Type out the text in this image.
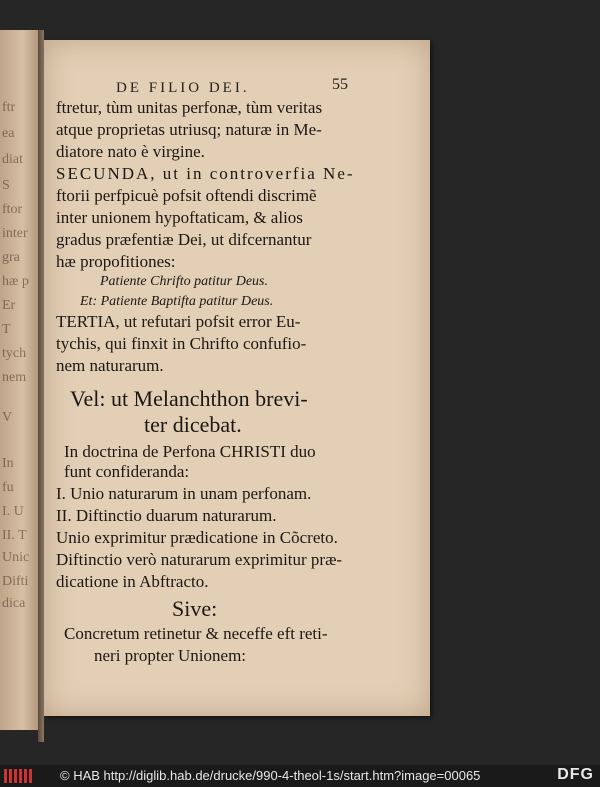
ftr
ea
diat
S
ftor
inter
gra
hæ p
Er
T
tych
nem
V
In
fu
I. U
II. T
Unic
Difti
dica
DE FILIO DEI.	55
ftretur, tùm unitas perfonæ, tùm veritas
atque proprietas utriusq; naturæ in Me-
diatore nato è virgine.
SECUNDA, ut in controverfia Ne-
ftorii perfpicuè pofsit oftendi discrimẽ
inter unionem hypoftaticam, & alios
gradus præfentiæ Dei, ut difcernantur
hæ propofitiones:
Patiente Chrifto patitur Deus.
Et: Patiente Baptifta patitur Deus.
TERTIA, ut refutari pofsit error Eu-
tychis, qui finxit in Chrifto confufio-
nem naturarum.
Vel: ut Melanchthon brevi-
ter dicebat.
In doctrina de Perfona CHRISTI duo
funt confideranda:
I. Unio naturarum in unam perfonam.
II. Diftinctio duarum naturarum.
Unio exprimitur prædicatione in Cõcreto.
Diftinctio verò naturarum exprimitur præ-
dicatione in Abftracto.
Sive:
Concretum retinetur & neceffe eft reti-
neri propter Unionem:
© HAB http://diglib.hab.de/drucke/990-4-theol-1s/start.htm?image=00065	DFG
